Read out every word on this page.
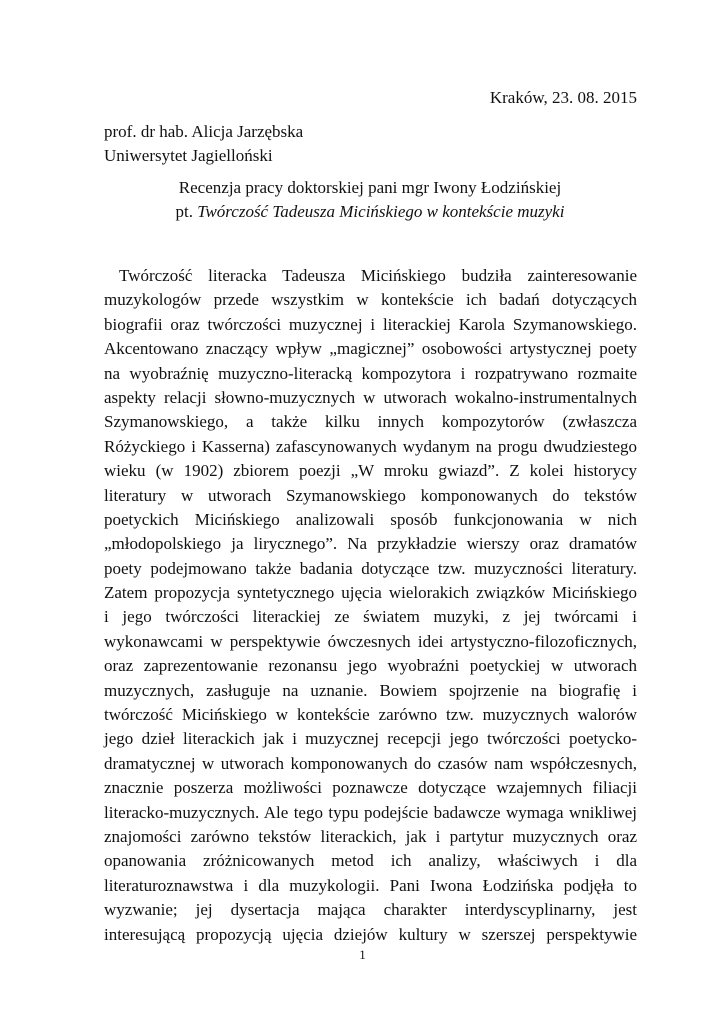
Kraków, 23. 08. 2015
prof. dr hab. Alicja Jarzębska
Uniwersytet Jagielloński
Recenzja pracy doktorskiej pani mgr Iwony Łodzińskiej
pt. Twórczość Tadeusza Micińskiego w kontekście muzyki
Twórczość literacka Tadeusza Micińskiego budziła zainteresowanie
muzykologów przede wszystkim w kontekście ich badań dotyczących
biografii oraz twórczości muzycznej i literackiej Karola Szymanowskiego.
Akcentowano znaczący wpływ „magicznej” osobowości artystycznej poety
na wyobraźnię muzyczno-literacką kompozytora i rozpatrywano rozmaite
aspekty relacji słowno-muzycznych w utworach wokalno-instrumentalnych
Szymanowskiego, a także kilku innych kompozytorów (zwłaszcza
Różyckiego i Kasserna) zafascynowanych wydanym na progu dwudziestego
wieku (w 1902) zbiorem poezji „W mroku gwiazd”. Z kolei historycy
literatury w utworach Szymanowskiego komponowanych do tekstów
poetyckich Micińskiego analizowali sposób funkcjonowania w nich
„młodopolskiego ja lirycznego”. Na przykładzie wierszy oraz dramatów
poety podejmowano także badania dotyczące tzw. muzyczności literatury.
Zatem propozycja syntetycznego ujęcia wielorakich związków Micińskiego
i jego twórczości literackiej ze światem muzyki, z jej twórcami i
wykonawcami w perspektywie ówczesnych idei artystyczno-filozoficznych,
oraz zaprezentowanie rezonansu jego wyobraźni poetyckiej w utworach
muzycznych, zasługuje na uznanie. Bowiem spojrzenie na biografię i
twórczość Micińskiego w kontekście zarówno tzw. muzycznych walorów
jego dzieł literackich jak i muzycznej recepcji jego twórczości poetycko-
dramatycznej w utworach komponowanych do czasów nam współczesnych,
znacznie poszerza możliwości poznawcze dotyczące wzajemnych filiacji
literacko-muzycznych. Ale tego typu podejście badawcze wymaga wnikliwej
znajomości zarówno tekstów literackich, jak i partytur muzycznych oraz
opanowania zróżnicowanych metod ich analizy, właściwych i dla
literaturoznawstwa i dla muzykologii. Pani Iwona Łodzińska podjęła to
wyzwanie; jej dysertacja mająca charakter interdyscyplinarny, jest
interesującą propozycją ujęcia dziejów kultury w szerszej perspektywie
1
